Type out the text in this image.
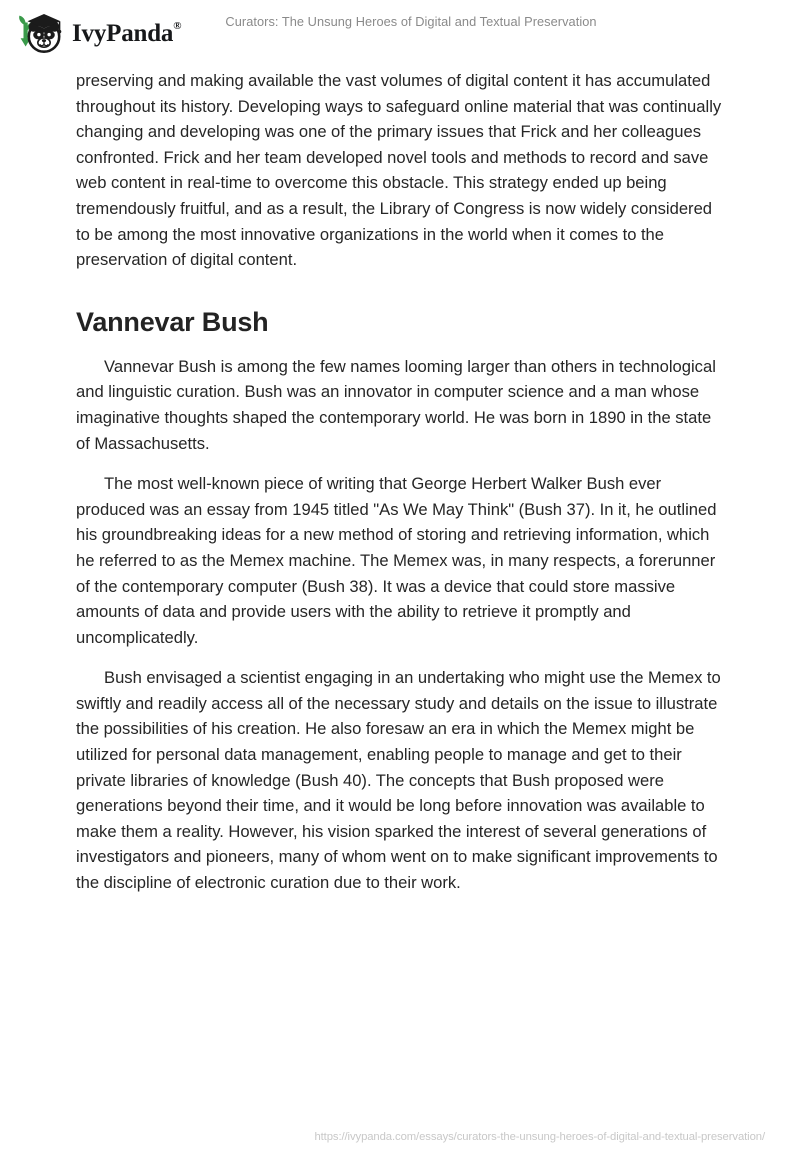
IvyPanda®	Curators: The Unsung Heroes of Digital and Textual Preservation

preserving and making available the vast volumes of digital content it has accumulated throughout its history. Developing ways to safeguard online material that was continually changing and developing was one of the primary issues that Frick and her colleagues confronted. Frick and her team developed novel tools and methods to record and save web content in real-time to overcome this obstacle. This strategy ended up being tremendously fruitful, and as a result, the Library of Congress is now widely considered to be among the most innovative organizations in the world when it comes to the preservation of digital content.

Vannevar Bush

Vannevar Bush is among the few names looming larger than others in technological and linguistic curation. Bush was an innovator in computer science and a man whose imaginative thoughts shaped the contemporary world. He was born in 1890 in the state of Massachusetts.

The most well-known piece of writing that George Herbert Walker Bush ever produced was an essay from 1945 titled "As We May Think" (Bush 37). In it, he outlined his groundbreaking ideas for a new method of storing and retrieving information, which he referred to as the Memex machine. The Memex was, in many respects, a forerunner of the contemporary computer (Bush 38). It was a device that could store massive amounts of data and provide users with the ability to retrieve it promptly and uncomplicatedly.

Bush envisaged a scientist engaging in an undertaking who might use the Memex to swiftly and readily access all of the necessary study and details on the issue to illustrate the possibilities of his creation. He also foresaw an era in which the Memex might be utilized for personal data management, enabling people to manage and get to their private libraries of knowledge (Bush 40). The concepts that Bush proposed were generations beyond their time, and it would be long before innovation was available to make them a reality. However, his vision sparked the interest of several generations of investigators and pioneers, many of whom went on to make significant improvements to the discipline of electronic curation due to their work.

https://ivypanda.com/essays/curators-the-unsung-heroes-of-digital-and-textual-preservation/
